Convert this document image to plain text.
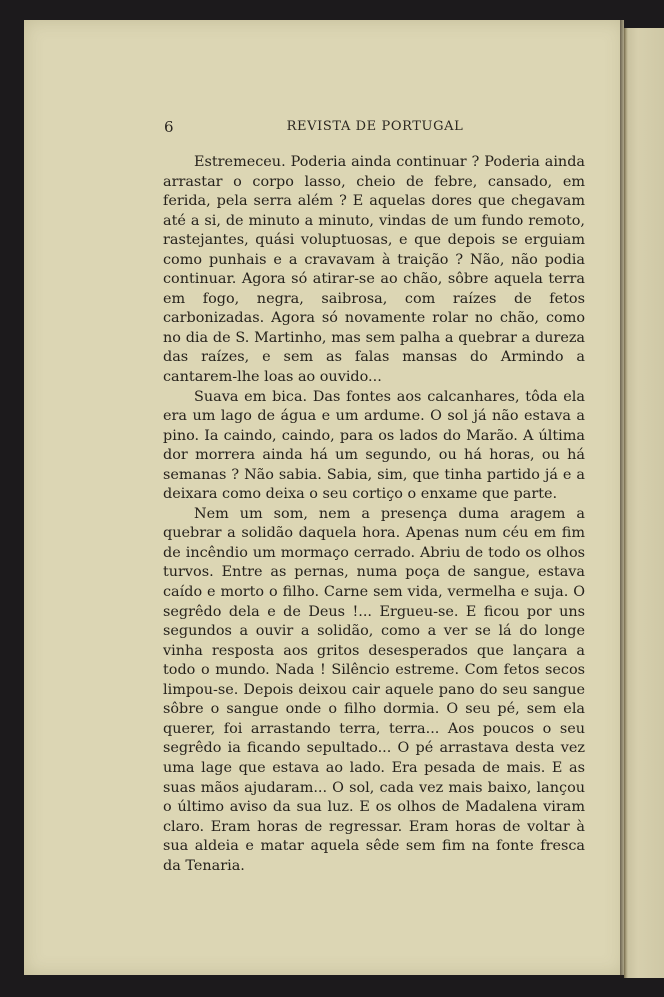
6	REVISTA DE PORTUGAL

Estremeceu. Poderia ainda continuar ? Poderia ainda arrastar o corpo lasso, cheio de febre, cansado, em ferida, pela serra além ? E aquelas dores que chegavam até a si, de minuto a minuto, vindas de um fundo remoto, rastejantes, quási voluptuosas, e que depois se erguiam como punhais e a cravavam à traição ? Não, não podia continuar. Agora só atirar-se ao chão, sôbre aquela terra em fogo, negra, saibrosa, com raízes de fetos carbonizadas. Agora só novamente rolar no chão, como no dia de S. Martinho, mas sem palha a quebrar a dureza das raízes, e sem as falas mansas do Armindo a cantarem-lhe loas ao ouvido...

Suava em bica. Das fontes aos calcanhares, tôda ela era um lago de água e um ardume. O sol já não estava a pino. Ia caindo, caindo, para os lados do Marão. A última dor morrera ainda há um segundo, ou há horas, ou há semanas ? Não sabia. Sabia, sim, que tinha partido já e a deixara como deixa o seu cortiço o enxame que parte.

Nem um som, nem a presença duma aragem a quebrar a solidão daquela hora. Apenas num céu em fim de incêndio um mormaço cerrado. Abriu de todo os olhos turvos. Entre as pernas, numa poça de sangue, estava caído e morto o filho. Carne sem vida, vermelha e suja. O segrêdo dela e de Deus !... Ergueu-se. E ficou por uns segundos a ouvir a solidão, como a ver se lá do longe vinha resposta aos gritos desesperados que lançara a todo o mundo. Nada ! Silêncio estreme. Com fetos secos limpou-se. Depois deixou cair aquele pano do seu sangue sôbre o sangue onde o filho dormia. O seu pé, sem ela querer, foi arrastando terra, terra... Aos poucos o seu segrêdo ia ficando sepultado... O pé arrastava desta vez uma lage que estava ao lado. Era pesada de mais. E as suas mãos ajudaram... O sol, cada vez mais baixo, lançou o último aviso da sua luz. E os olhos de Madalena viram claro. Eram horas de regressar. Eram horas de voltar à sua aldeia e matar aquela sêde sem fim na fonte fresca da Tenaria.
